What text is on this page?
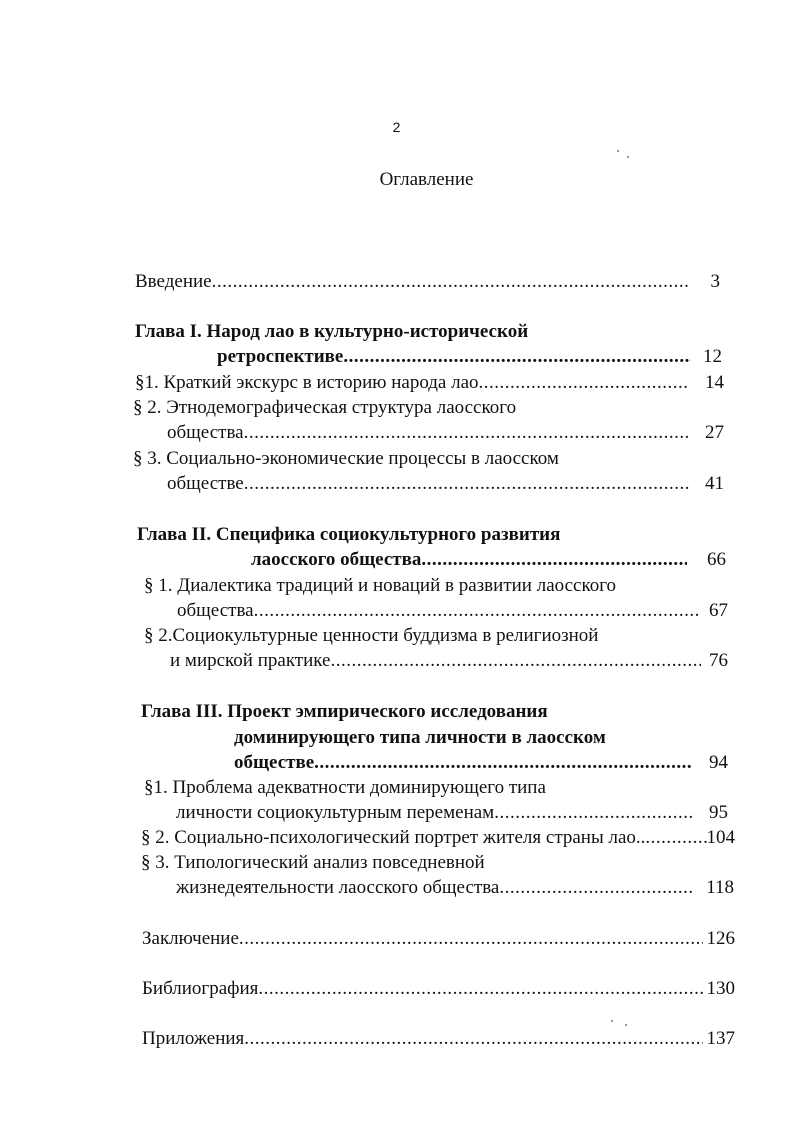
2
Оглавление
Введение .....	3
Глава I. Народ лао в культурно-исторической
ретроспективе .....	12
§1. Краткий экскурс в историю народа лао .....	14
§ 2. Этнодемографическая структура лаосского
общества .....	27
§ 3. Социально-экономические процессы в лаосском
обществе .....	41
Глава II. Специфика социокультурного развития
лаосского общества .....	66
§ 1. Диалектика традиций и новаций в развитии лаосского
общества .....	67
§ 2.Социокультурные ценности буддизма в религиозной
и мирской практике .....	76
Глава III. Проект эмпирического исследования
доминирующего типа личности в лаосском
обществе .....	94
§1. Проблема адекватности доминирующего типа
личности социокультурным переменам .....	95
§ 2. Социально-психологический портрет жителя страны лао.. .....	104
§ 3. Типологический анализ повседневной
жизнедеятельности лаосского общества .....	118
Заключение .....	126
Библиография .....	130
Приложения .....	137
